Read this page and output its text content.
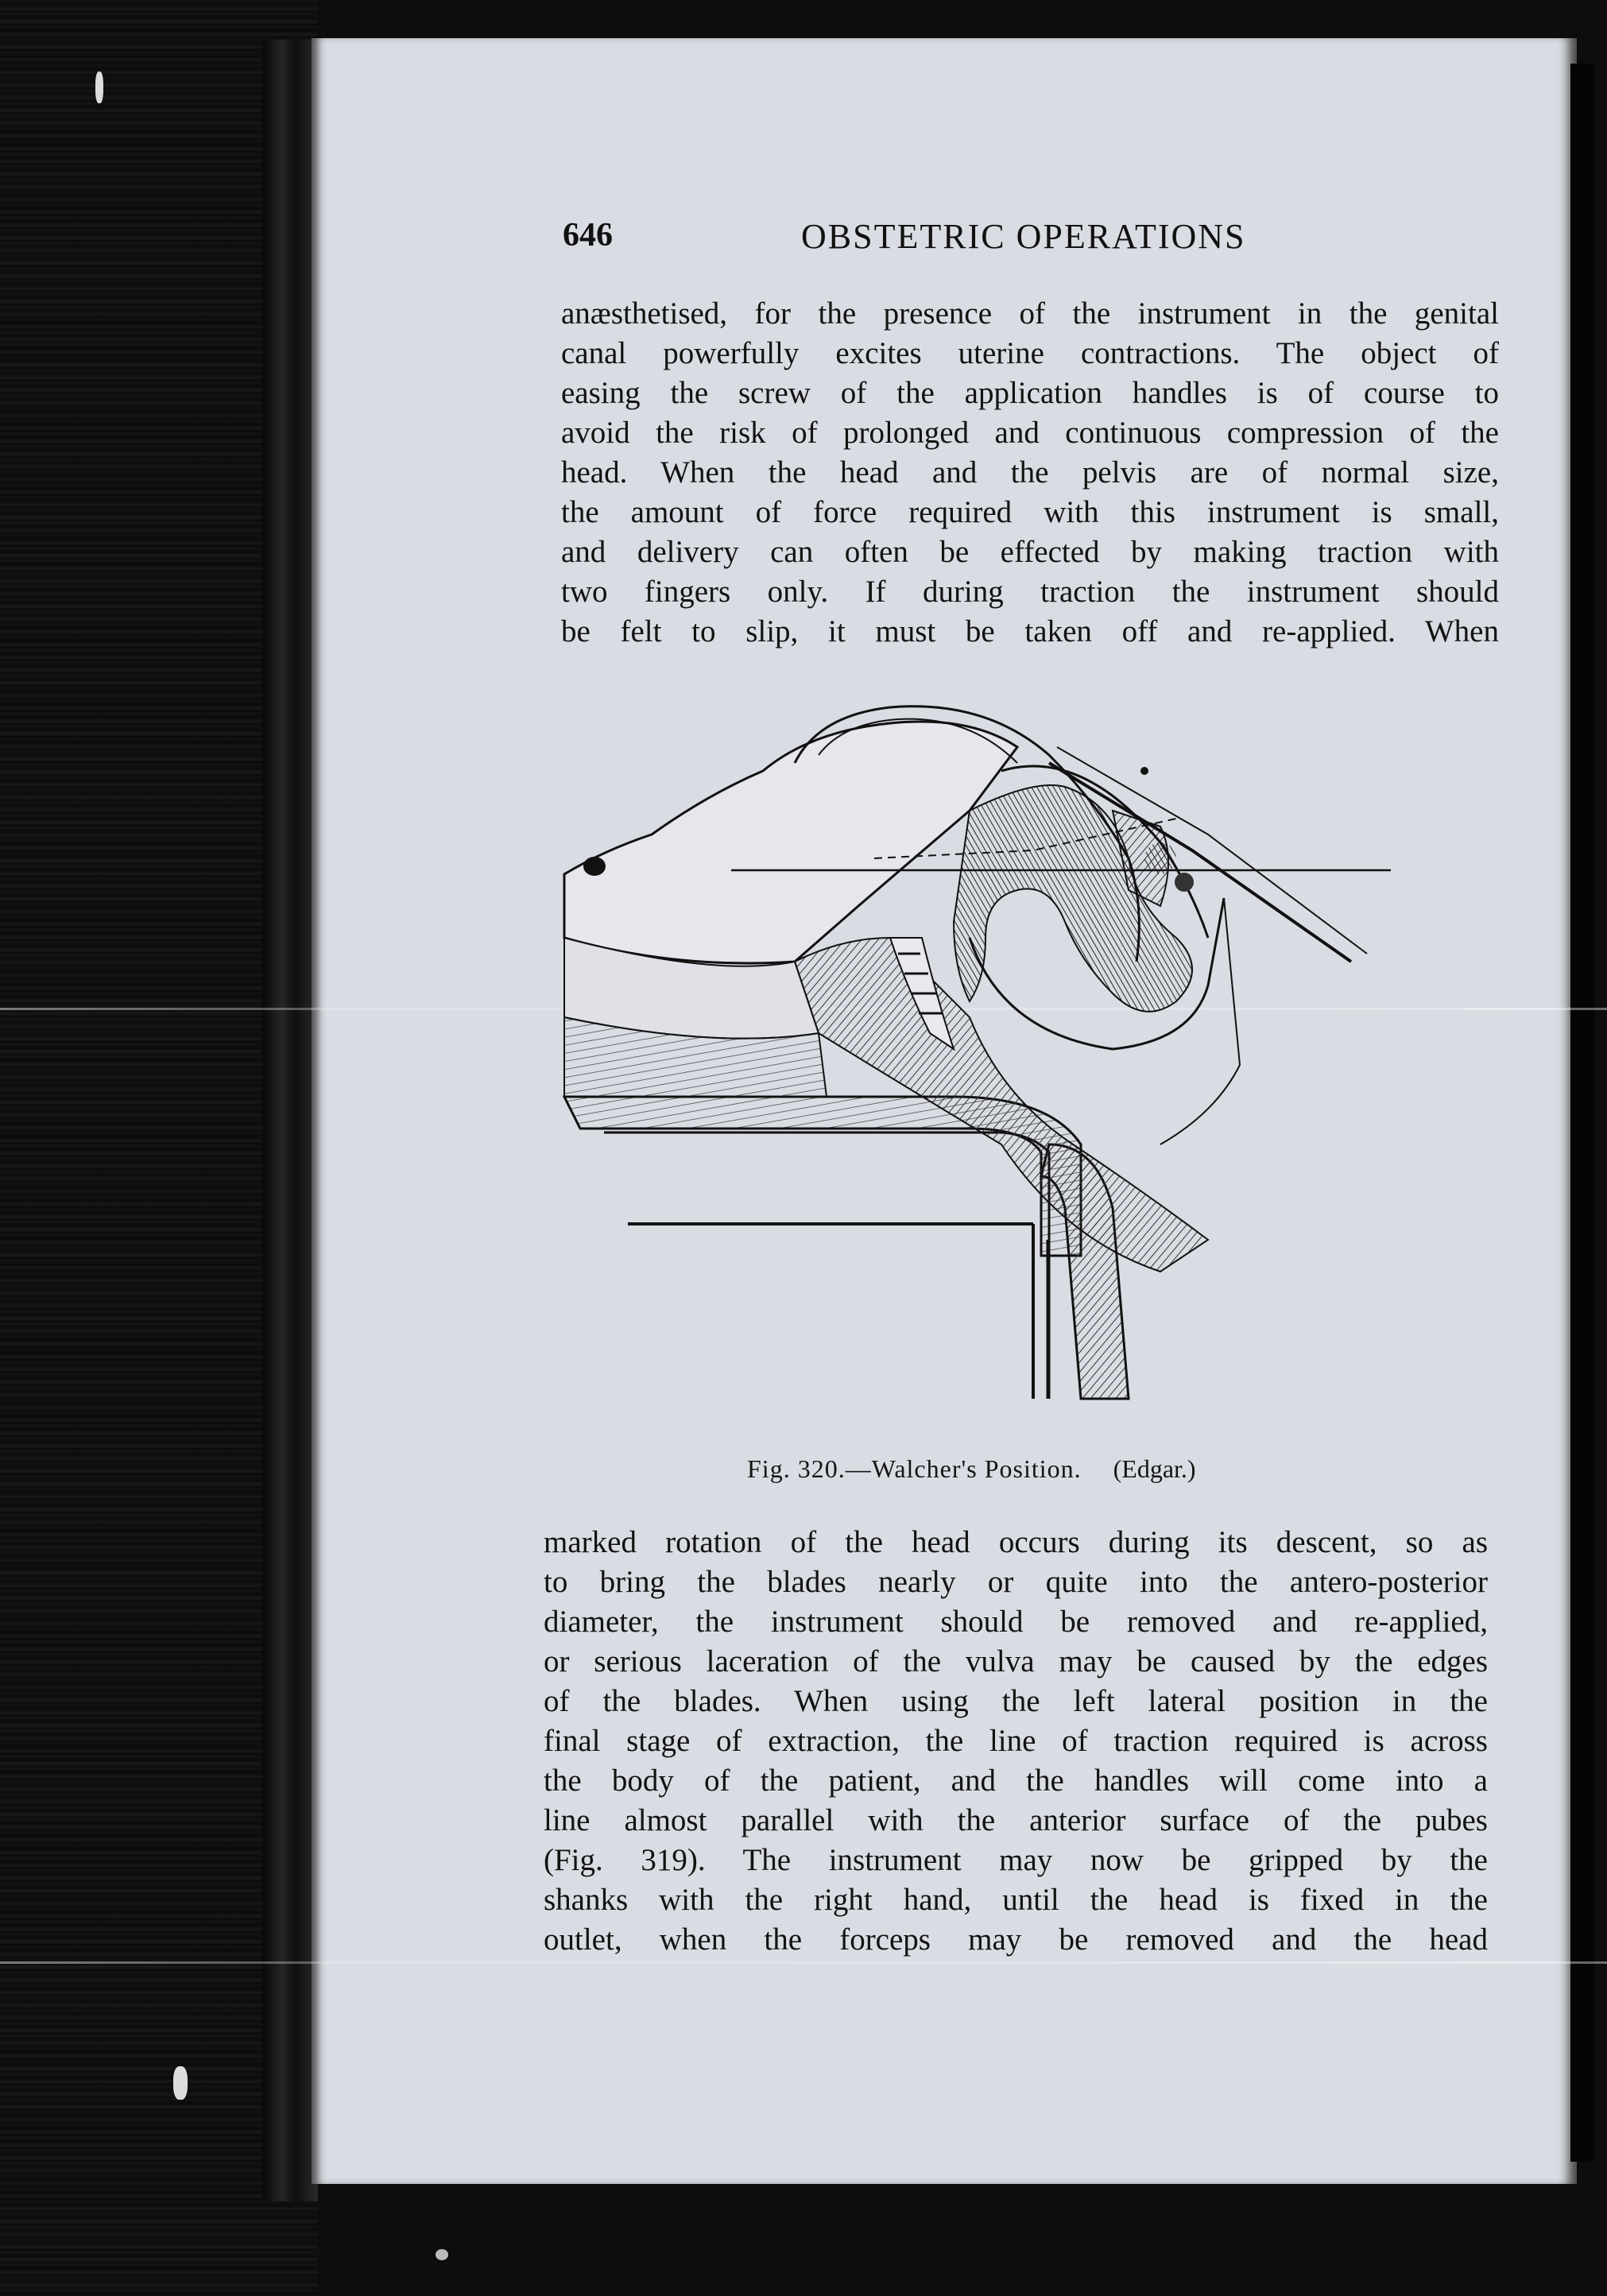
646	OBSTETRIC OPERATIONS
anæsthetised, for the presence of the instrument in the genital
canal powerfully excites uterine contractions. The object of
easing the screw of the application handles is of course to
avoid the risk of prolonged and continuous compression of the
head. When the head and the pelvis are of normal size,
the amount of force required with this instrument is small,
and delivery can often be effected by making traction with
two fingers only. If during traction the instrument should
be felt to slip, it must be taken off and re-applied. When
Fig. 320.—Walcher's Position. (Edgar.)
marked rotation of the head occurs during its descent, so as
to bring the blades nearly or quite into the antero-posterior
diameter, the instrument should be removed and re-applied,
or serious laceration of the vulva may be caused by the edges
of the blades. When using the left lateral position in the
final stage of extraction, the line of traction required is across
the body of the patient, and the handles will come into a
line almost parallel with the anterior surface of the pubes
(Fig. 319). The instrument may now be gripped by the
shanks with the right hand, until the head is fixed in the
outlet, when the forceps may be removed and the head
